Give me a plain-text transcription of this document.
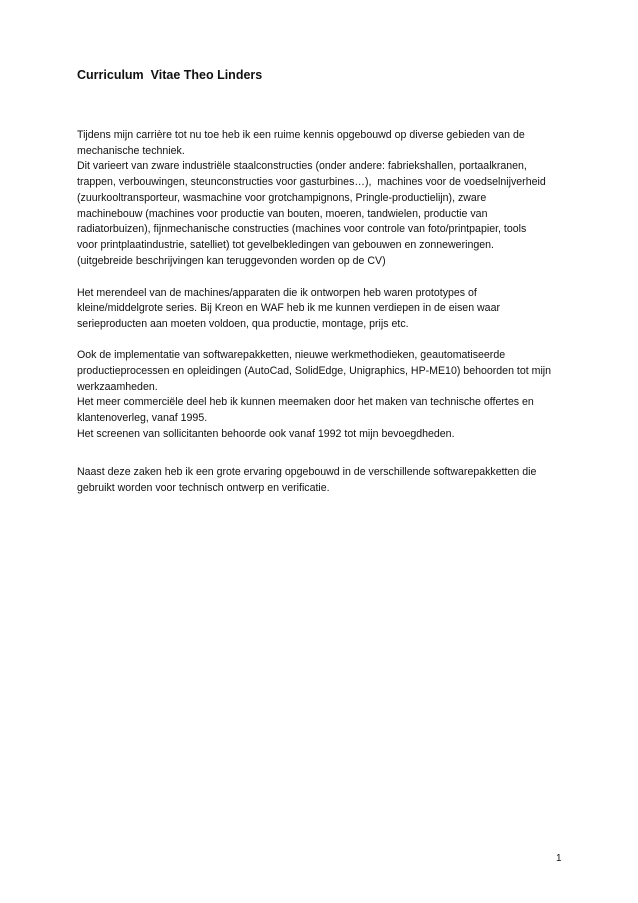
Curriculum  Vitae Theo Linders
Tijdens mijn carrière tot nu toe heb ik een ruime kennis opgebouwd op diverse gebieden van de
mechanische techniek.
Dit varieert van zware industriële staalconstructies (onder andere: fabriekshallen, portaalkranen,
trappen, verbouwingen, steunconstructies voor gasturbines…),  machines voor de voedselnijverheid
(zuurkooltransporteur, wasmachine voor grotchampignons, Pringle-productielijn), zware
machinebouw (machines voor productie van bouten, moeren, tandwielen, productie van
radiatorbuizen), fijnmechanische constructies (machines voor controle van foto/printpapier, tools
voor printplaatindustrie, satelliet) tot gevelbekledingen van gebouwen en zonneweringen.
(uitgebreide beschrijvingen kan teruggevonden worden op de CV)
Het merendeel van de machines/apparaten die ik ontworpen heb waren prototypes of
kleine/middelgrote series. Bij Kreon en WAF heb ik me kunnen verdiepen in de eisen waar
serieproducten aan moeten voldoen, qua productie, montage, prijs etc.
Ook de implementatie van softwarepakketten, nieuwe werkmethodieken, geautomatiseerde
productieprocessen en opleidingen (AutoCad, SolidEdge, Unigraphics, HP-ME10) behoorden tot mijn
werkzaamheden.
Het meer commerciële deel heb ik kunnen meemaken door het maken van technische offertes en
klantenoverleg, vanaf 1995.
Het screenen van sollicitanten behoorde ook vanaf 1992 tot mijn bevoegdheden.
Naast deze zaken heb ik een grote ervaring opgebouwd in de verschillende softwarepakketten die
gebruikt worden voor technisch ontwerp en verificatie.
1
